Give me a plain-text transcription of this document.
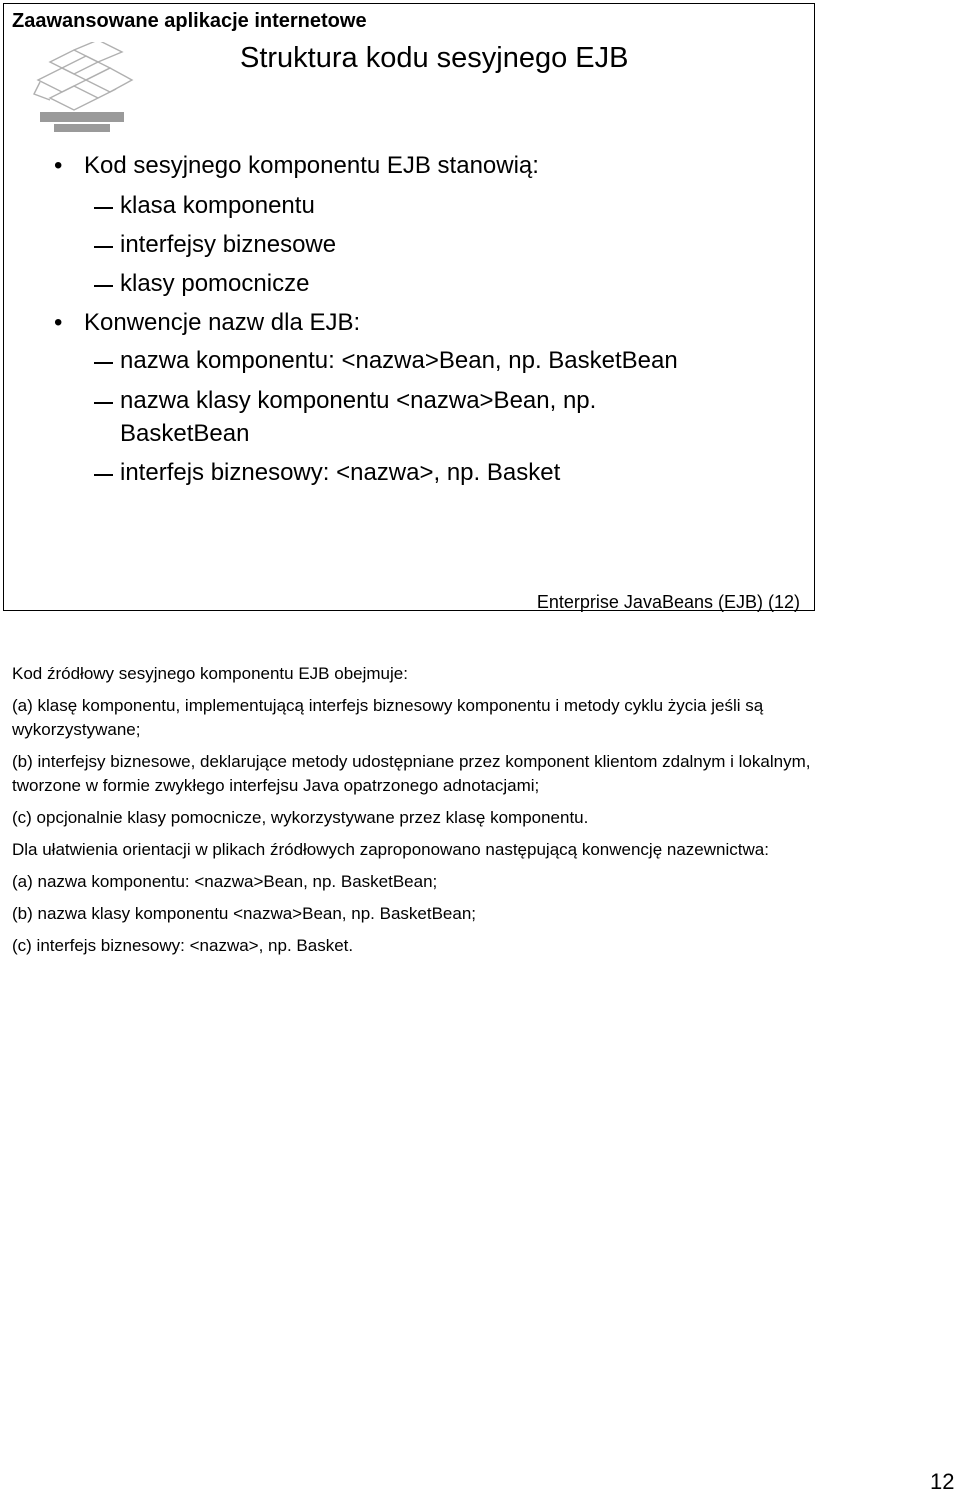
Zaawansowane aplikacje internetowe
Struktura kodu sesyjnego EJB
• Kod sesyjnego komponentu EJB stanowią:
klasa komponentu
interfejsy biznesowe
klasy pomocnicze
• Konwencje nazw dla EJB:
nazwa komponentu: <nazwa>Bean, np. BasketBean
nazwa klasy komponentu <nazwa>Bean, np.
BasketBean
interfejs biznesowy: <nazwa>, np. Basket
Enterprise JavaBeans (EJB) (12)

Kod źródłowy sesyjnego komponentu EJB obejmuje:

(a) klasę komponentu, implementującą interfejs biznesowy komponentu i metody cyklu życia jeśli są wykorzystywane;

(b) interfejsy biznesowe, deklarujące metody udostępniane przez komponent klientom zdalnym i lokalnym, tworzone w formie zwykłego interfejsu Java opatrzonego adnotacjami;

(c) opcjonalnie klasy pomocnicze, wykorzystywane przez klasę komponentu.

Dla ułatwienia orientacji w plikach źródłowych zaproponowano następującą konwencję nazewnictwa:

(a) nazwa komponentu: <nazwa>Bean, np. BasketBean;

(b) nazwa klasy komponentu <nazwa>Bean, np. BasketBean;

(c) interfejs biznesowy: <nazwa>, np. Basket.

12
